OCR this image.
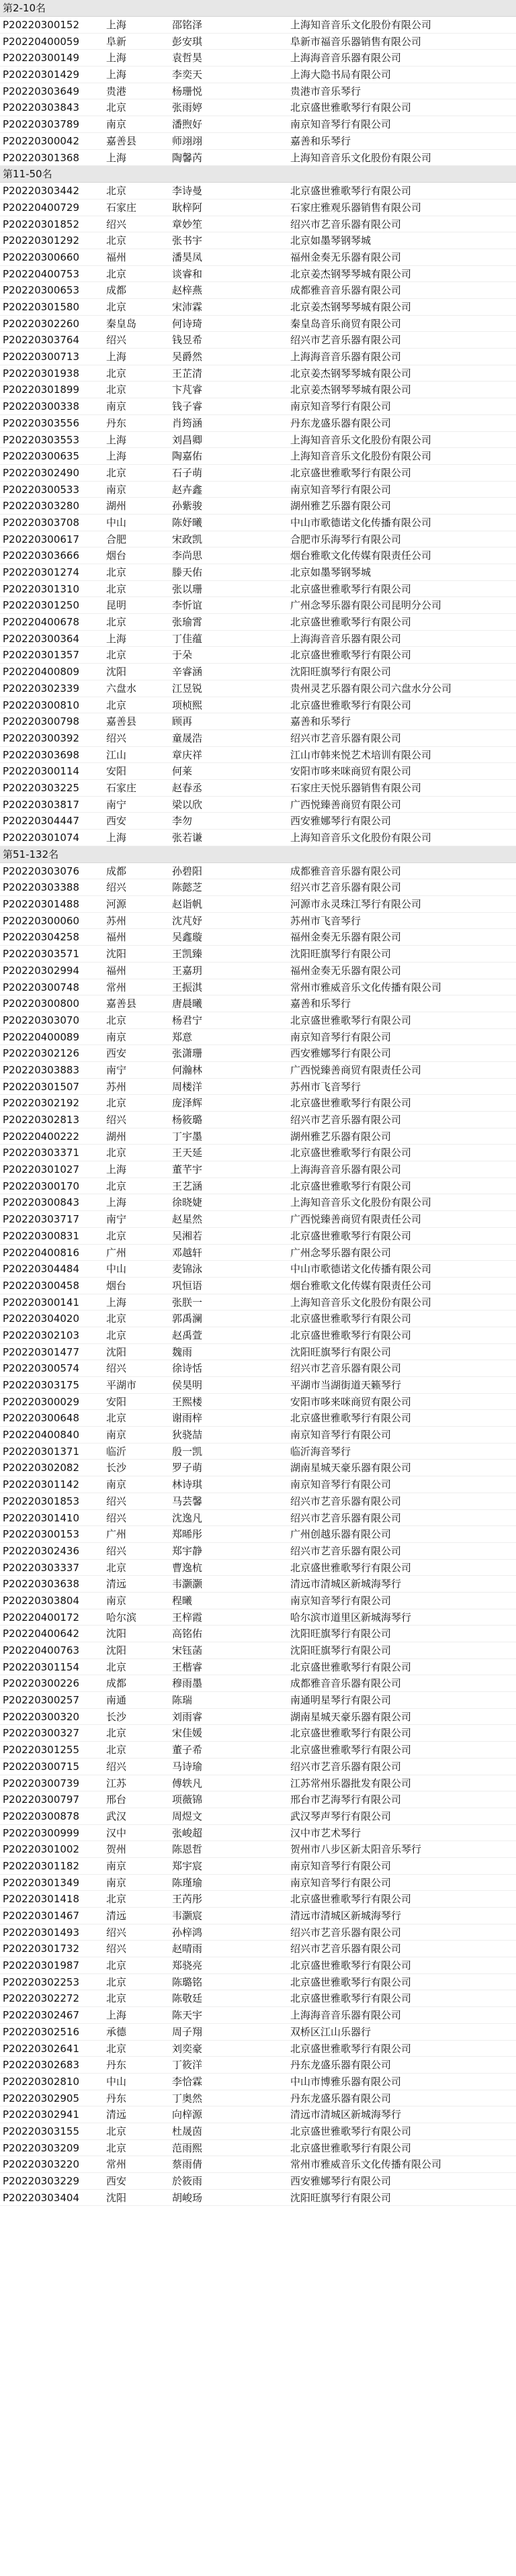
第2-10名
P20220300152	上海	邵铭泽	上海知音音乐文化股份有限公司
P20220400059	阜新	彭安琪	阜新市福音乐器销售有限公司
P20220300149	上海	袁哲昊	上海海音音乐器有限公司
P20220301429	上海	李奕天	上海大隐书局有限公司
P20220303649	贵港	杨珊悦	贵港市音乐琴行
P20220303843	北京	张雨婷	北京盛世雅歌琴行有限公司
P20220303789	南京	潘煦好	南京知音琴行有限公司
P20220300042	嘉善县	师翊翊	嘉善和乐琴行
P20220301368	上海	陶馨芮	上海知音音乐文化股份有限公司
第11-50名
P20220303442	北京	李诗曼	北京盛世雅歌琴行有限公司
P20220400729	石家庄	耿梓阿	石家庄雅观乐器销售有限公司
P20220301852	绍兴	章妙笙	绍兴市艺音乐器有限公司
P20220301292	北京	张书宇	北京如墨琴钢琴城
P20220300660	福州	潘昊凤	福州金奏无乐器有限公司
P20220400753	北京	谈睿和	北京姜杰钢琴琴城有限公司
P20220300653	成都	赵梓燕	成都雅音音乐器有限公司
P20220301580	北京	宋沛霖	北京姜杰钢琴琴城有限公司
P20220302260	秦皇岛	何诗琦	秦皇岛音乐商贸有限公司
P20220303764	绍兴	钱昱希	绍兴市艺音乐器有限公司
P20220300713	上海	吴爵然	上海海音音乐器有限公司
P20220301938	北京	王芷清	北京姜杰钢琴琴城有限公司
P20220301899	北京	卞芃睿	北京姜杰钢琴琴城有限公司
P20220300338	南京	钱子睿	南京知音琴行有限公司
P20220303556	丹东	肖筠涵	丹东龙盛乐器有限公司
P20220303553	上海	刘昌卿	上海知音音乐文化股份有限公司
P20220300635	上海	陶嘉佑	上海知音音乐文化股份有限公司
P20220302490	北京	石子萌	北京盛世雅歌琴行有限公司
P20220300533	南京	赵卉鑫	南京知音琴行有限公司
P20220303280	湖州	孙紫骏	湖州雅艺乐器有限公司
P20220303708	中山	陈妤曦	中山市歌德诺文化传播有限公司
P20220300617	合肥	宋政凯	合肥市乐海琴行有限公司
P20220303666	烟台	李尚思	烟台雅歌文化传媒有限责任公司
P20220301274	北京	滕天佑	北京如墨琴钢琴城
P20220301310	北京	张以珊	北京盛世雅歌琴行有限公司
P20220301250	昆明	李忻谊	广州念琴乐器有限公司昆明分公司
P20220400678	北京	张瑜霄	北京盛世雅歌琴行有限公司
P20220300364	上海	丁佳蕴	上海海音音乐器有限公司
P20220301357	北京	于朵	北京盛世雅歌琴行有限公司
P20220400809	沈阳	辛睿涵	沈阳旺旗琴行有限公司
P20220302339	六盘水	江昱锐	贵州灵艺乐器有限公司六盘水分公司
P20220300810	北京	项桢熙	北京盛世雅歌琴行有限公司
P20220300798	嘉善县	顾再	嘉善和乐琴行
P20220300392	绍兴	童晟浩	绍兴市艺音乐器有限公司
P20220303698	江山	章庆祥	江山市韩来悦艺术培训有限公司
P20220300114	安阳	何莱	安阳市哆来咪商贸有限公司
P20220303225	石家庄	赵春丞	石家庄天悦乐器销售有限公司
P20220303817	南宁	梁以欣	广西悦臻善商贸有限公司
P20220304447	西安	李勿	西安雅娜琴行有限公司
P20220301074	上海	张若谦	上海知音音乐文化股份有限公司
第51-132名
P20220303076	成都	孙碧阳	成都雅音音乐器有限公司
P20220303388	绍兴	陈懿芝	绍兴市艺音乐器有限公司
P20220301488	河源	赵诣帆	河源市永灵珠江琴行有限公司
P20220300060	苏州	沈芃妤	苏州市飞音琴行
P20220304258	福州	吴鑫璇	福州金奏无乐器有限公司
P20220303571	沈阳	王凯臻	沈阳旺旗琴行有限公司
P20220302994	福州	王嘉玥	福州金奏无乐器有限公司
P20220300748	常州	王振淇	常州市雅威音乐文化传播有限公司
P20220300800	嘉善县	唐晨曦	嘉善和乐琴行
P20220303070	北京	杨君宁	北京盛世雅歌琴行有限公司
P20220400089	南京	郑意	南京知音琴行有限公司
P20220302126	西安	张潇珊	西安雅娜琴行有限公司
P20220303883	南宁	何瀚林	广西悦臻善商贸有限责任公司
P20220301507	苏州	周楼洋	苏州市飞音琴行
P20220302192	北京	庞泽辉	北京盛世雅歌琴行有限公司
P20220302813	绍兴	杨筱璐	绍兴市艺音乐器有限公司
P20220400222	湖州	丁宇墨	湖州雅艺乐器有限公司
P20220303371	北京	王天延	北京盛世雅歌琴行有限公司
P20220301027	上海	董芊宇	上海海音音乐器有限公司
P20220300170	北京	王艺涵	北京盛世雅歌琴行有限公司
P20220300843	上海	徐晓婕	上海知音音乐文化股份有限公司
P20220303717	南宁	赵星然	广西悦臻善商贸有限责任公司
P20220300831	北京	吴湘若	北京盛世雅歌琴行有限公司
P20220400816	广州	邓越轩	广州念琴乐器有限公司
P20220304484	中山	麦锦泳	中山市歌德诺文化传播有限公司
P20220300458	烟台	巩恒语	烟台雅歌文化传媒有限责任公司
P20220300141	上海	张朕一	上海知音音乐文化股份有限公司
P20220304020	北京	郭禹澜	北京盛世雅歌琴行有限公司
P20220302103	北京	赵禹萱	北京盛世雅歌琴行有限公司
P20220301477	沈阳	魏雨	沈阳旺旗琴行有限公司
P20220300574	绍兴	徐诗恬	绍兴市艺音乐器有限公司
P20220303175	平湖市	侯昊明	平湖市当湖街道天籁琴行
P20220300029	安阳	王熙楼	安阳市哆来咪商贸有限公司
P20220300648	北京	谢雨梓	北京盛世雅歌琴行有限公司
P20220400840	南京	狄骁喆	南京知音琴行有限公司
P20220301371	临沂	殷一凯	临沂海音琴行
P20220302082	长沙	罗子萌	湖南星城天豪乐器有限公司
P20220301142	南京	林诗琪	南京知音琴行有限公司
P20220301853	绍兴	马芸馨	绍兴市艺音乐器有限公司
P20220301410	绍兴	沈逸凡	绍兴市艺音乐器有限公司
P20220300153	广州	郑晞彤	广州创越乐器有限公司
P20220302436	绍兴	郑宇静	绍兴市艺音乐器有限公司
P20220303337	北京	曹逸杭	北京盛世雅歌琴行有限公司
P20220303638	清远	韦灏灏	清远市清城区新城海琴行
P20220303804	南京	程曦	南京知音琴行有限公司
P20220400172	哈尔滨	王梓霞	哈尔滨市道里区新城海琴行
P20220400642	沈阳	高铭佑	沈阳旺旗琴行有限公司
P20220400763	沈阳	宋钰菡	沈阳旺旗琴行有限公司
P20220301154	北京	王楷睿	北京盛世雅歌琴行有限公司
P20220300226	成都	穆雨墨	成都雅音音乐器有限公司
P20220300257	南通	陈瑞	南通明星琴行有限公司
P20220300320	长沙	刘雨睿	湖南星城天豪乐器有限公司
P20220300327	北京	宋佳媛	北京盛世雅歌琴行有限公司
P20220301255	北京	董子希	北京盛世雅歌琴行有限公司
P20220300715	绍兴	马诗瑜	绍兴市艺音乐器有限公司
P20220300739	江苏	傅轶凡	江苏常州乐器批发有限公司
P20220300797	邢台	项薇锦	邢台市艺海琴行有限公司
P20220300878	武汉	周煜文	武汉琴声琴行有限公司
P20220300999	汉中	张峻超	汉中市艺术琴行
P20220301002	贺州	陈恩哲	贺州市八步区新太阳音乐琴行
P20220301182	南京	郑宇宸	南京知音琴行有限公司
P20220301349	南京	陈瑾瑜	南京知音琴行有限公司
P20220301418	北京	王芮彤	北京盛世雅歌琴行有限公司
P20220301467	清远	韦灏宸	清远市清城区新城海琴行
P20220301493	绍兴	孙梓鸿	绍兴市艺音乐器有限公司
P20220301732	绍兴	赵晴雨	绍兴市艺音乐器有限公司
P20220301987	北京	郑骁亮	北京盛世雅歌琴行有限公司
P20220302253	北京	陈璐铭	北京盛世雅歌琴行有限公司
P20220302272	北京	陈敬廷	北京盛世雅歌琴行有限公司
P20220302467	上海	陈天宇	上海海音音乐器有限公司
P20220302516	承德	周子翔	双桥区江山乐器行
P20220302641	北京	刘奕豪	北京盛世雅歌琴行有限公司
P20220302683	丹东	丁筱洋	丹东龙盛乐器有限公司
P20220302810	中山	李恰霖	中山市博雅乐器有限公司
P20220302905	丹东	丁奥然	丹东龙盛乐器有限公司
P20220302941	清远	向梓源	清远市清城区新城海琴行
P20220303155	北京	杜晟茵	北京盛世雅歌琴行有限公司
P20220303209	北京	范雨熙	北京盛世雅歌琴行有限公司
P20220303220	常州	蔡雨倩	常州市雅威音乐文化传播有限公司
P20220303229	西安	於筱雨	西安雅娜琴行有限公司
P20220303404	沈阳	胡峻玚	沈阳旺旗琴行有限公司
